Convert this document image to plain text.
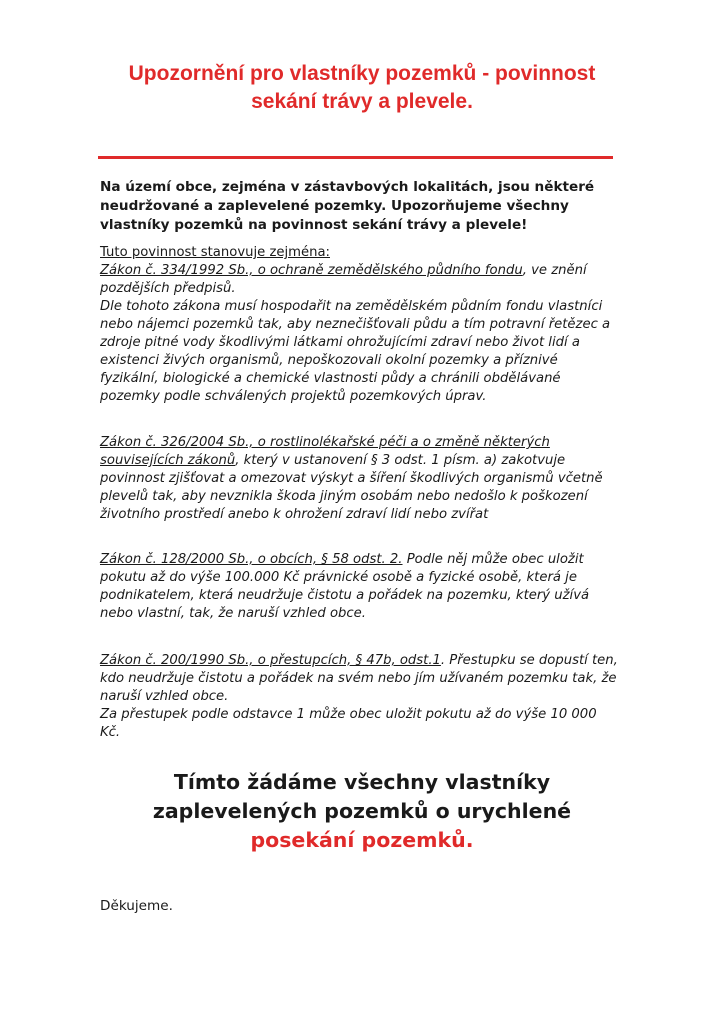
Upozornění pro vlastníky pozemků - povinnost
sekání trávy a plevele.

Na území obce, zejména v zástavbových lokalitách, jsou některé neudržované a zaplevelené pozemky. Upozorňujeme všechny vlastníky pozemků na povinnost sekání trávy a plevele!

Tuto povinnost stanovuje zejména:
Zákon č. 334/1992 Sb., o ochraně zemědělského půdního fondu, ve znění pozdějších předpisů.
Dle tohoto zákona musí hospodařit na zemědělském půdním fondu vlastníci nebo nájemci pozemků tak, aby neznečišťovali půdu a tím potravní řetězec a zdroje pitné vody škodlivými látkami ohrožujícími zdraví nebo život lidí a existenci živých organismů, nepoškozovali okolní pozemky a příznivé fyzikální, biologické a chemické vlastnosti půdy a chránili obdělávané pozemky podle schválených projektů pozemkových úprav.
Zákon č. 326/2004 Sb., o rostlinolékařské péči a o změně některých souvisejících zákonů, který v ustanovení § 3 odst. 1 písm. a) zakotvuje povinnost zjišťovat a omezovat výskyt a šíření škodlivých organismů včetně plevelů tak, aby nevznikla škoda jiným osobám nebo nedošlo k poškození životního prostředí anebo k ohrožení zdraví lidí nebo zvířat
Zákon č. 128/2000 Sb., o obcích, § 58 odst. 2. Podle něj může obec uložit pokutu až do výše 100.000 Kč právnické osobě a fyzické osobě, která je podnikatelem, která neudržuje čistotu a pořádek na pozemku, který užívá nebo vlastní, tak, že naruší vzhled obce.
Zákon č. 200/1990 Sb., o přestupcích, § 47b, odst.1. Přestupku se dopustí ten, kdo neudržuje čistotu a pořádek na svém nebo jím užívaném pozemku tak, že naruší vzhled obce.
Za přestupek podle odstavce 1 může obec uložit pokutu až do výše 10 000 Kč.

Tímto žádáme všechny vlastníky
zaplevelených pozemků o urychlené
posekání pozemků.

Děkujeme.
